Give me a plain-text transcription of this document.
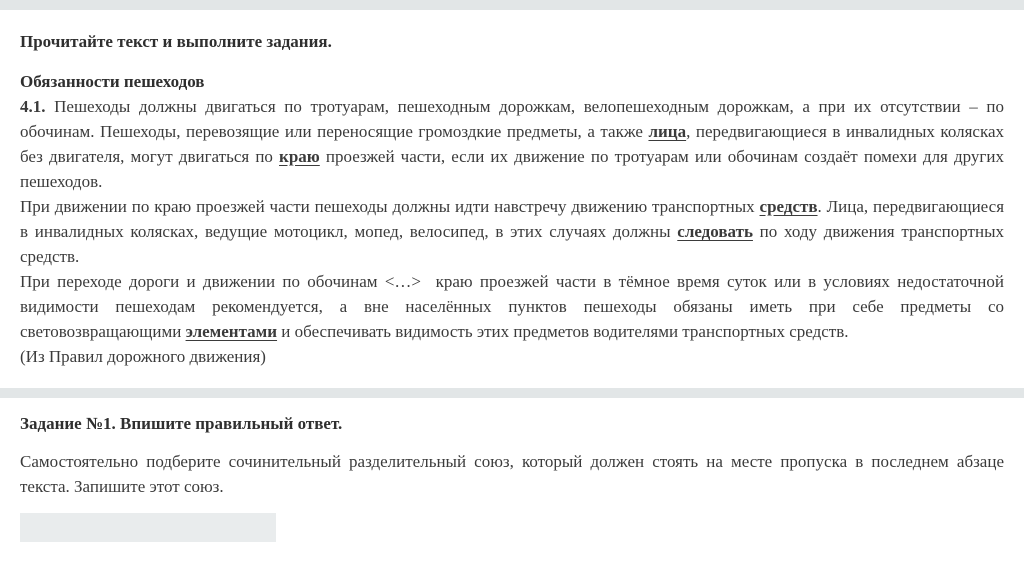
Прочитайте текст и выполните задания.

Обязанности пешеходов

4.1. Пешеходы должны двигаться по тротуарам, пешеходным дорожкам, велопешеходным дорожкам, а при их отсутствии – по обочинам. Пешеходы, перевозящие или переносящие громоздкие предметы, а также лица, передвигающиеся в инвалидных колясках без двигателя, могут двигаться по краю проезжей части, если их движение по тротуарам или обочинам создаёт помехи для других пешеходов.

При движении по краю проезжей части пешеходы должны идти навстречу движению транспортных средств. Лица, передвигающиеся в инвалидных колясках, ведущие мотоцикл, мопед, велосипед, в этих случаях должны следовать по ходу движения транспортных средств.

При переходе дороги и движении по обочинам <…>  краю проезжей части в тёмное время суток или в условиях недостаточной видимости пешеходам рекомендуется, а вне населённых пунктов пешеходы обязаны иметь при себе предметы со световозвращающими элементами и обеспечивать видимость этих предметов водителями транспортных средств.

(Из Правил дорожного движения)

Задание №1. Впишите правильный ответ.

Самостоятельно подберите сочинительный разделительный союз, который должен стоять на месте пропуска в последнем абзаце текста. Запишите этот союз.
